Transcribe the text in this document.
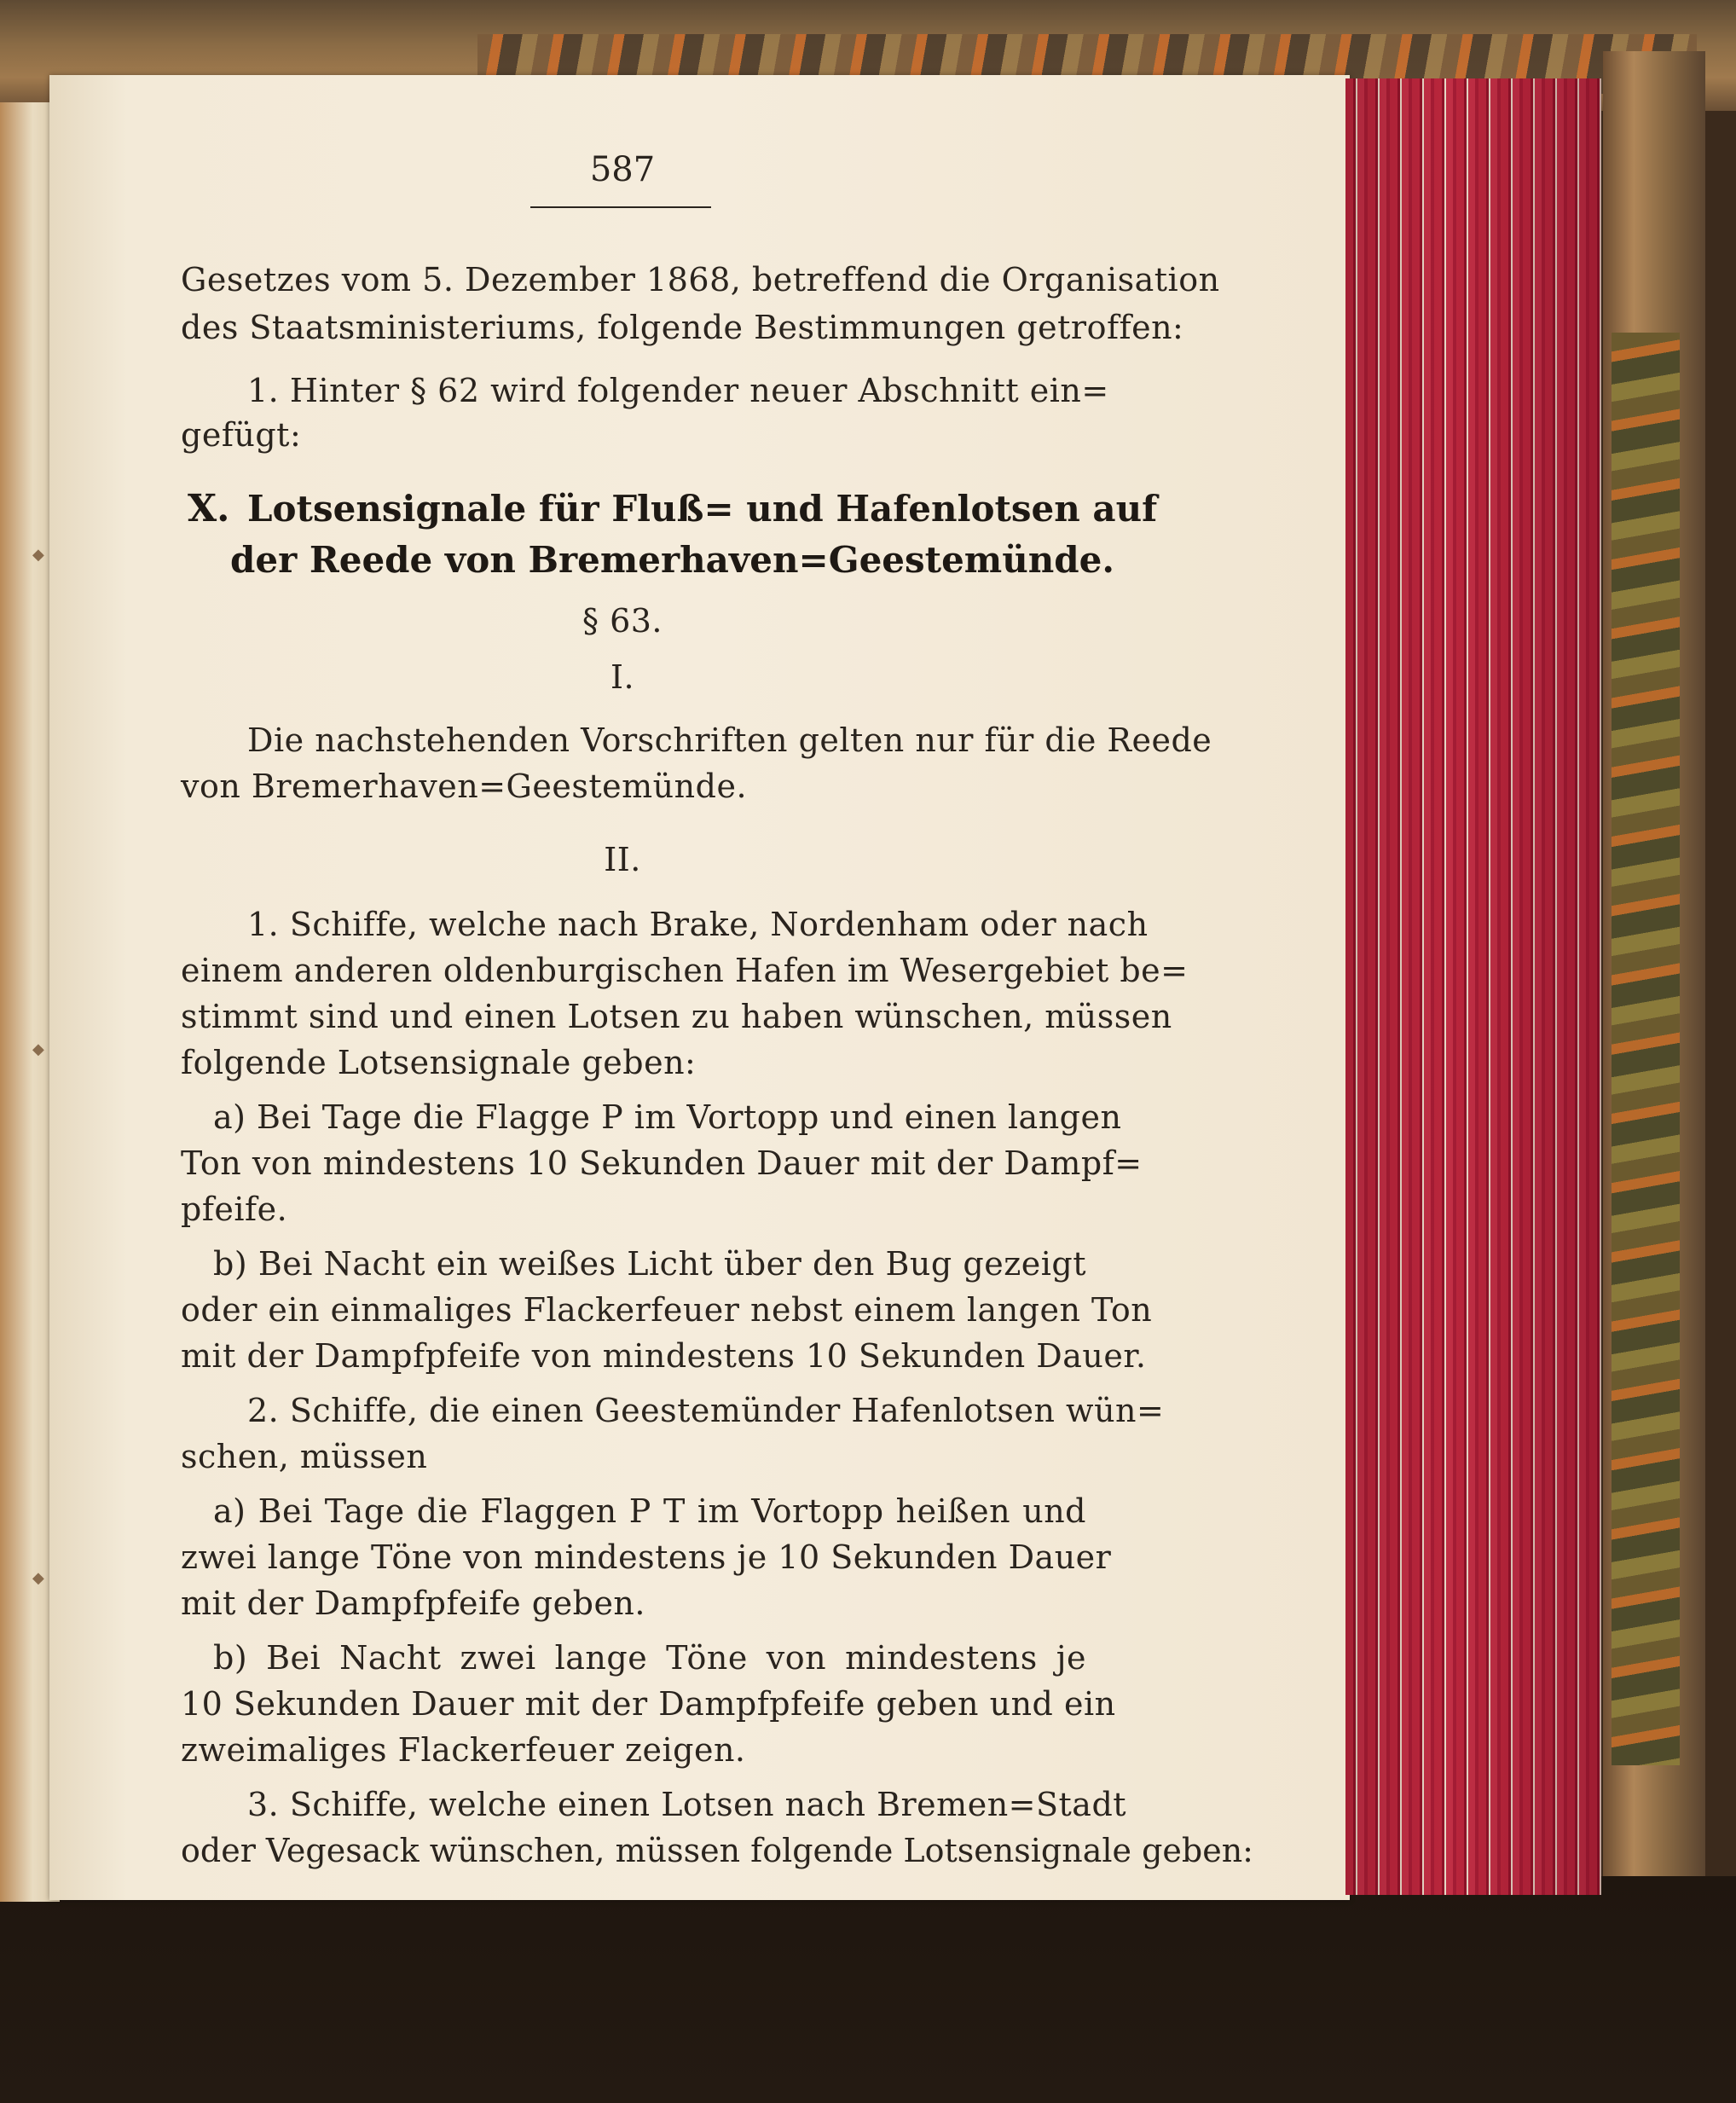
◆
◆
◆
587
Gesetzes vom 5. Dezember 1868, betreffend die Organisation
des Staatsministeriums, folgende Bestimmungen getroffen:
1. Hinter § 62 wird folgender neuer Abschnitt ein=
gefügt:
X. Lotsensignale für Fluß= und Hafenlotsen auf
der Reede von Bremerhaven=Geestemünde.
§ 63.
I.
Die nachstehenden Vorschriften gelten nur für die Reede
von Bremerhaven=Geestemünde.
II.
1. Schiffe, welche nach Brake, Nordenham oder nach
einem anderen oldenburgischen Hafen im Wesergebiet be=
stimmt sind und einen Lotsen zu haben wünschen, müssen
folgende Lotsensignale geben:
a) Bei Tage die Flagge P im Vortopp und einen langen
Ton von mindestens 10 Sekunden Dauer mit der Dampf=
pfeife.
b) Bei Nacht ein weißes Licht über den Bug gezeigt
oder ein einmaliges Flackerfeuer nebst einem langen Ton
mit der Dampfpfeife von mindestens 10 Sekunden Dauer.
2. Schiffe, die einen Geestemünder Hafenlotsen wün=
schen, müssen
a) Bei Tage die Flaggen P T im Vortopp heißen und
zwei lange Töne von mindestens je 10 Sekunden Dauer
mit der Dampfpfeife geben.
b) Bei Nacht zwei lange Töne von mindestens je
10 Sekunden Dauer mit der Dampfpfeife geben und ein
zweimaliges Flackerfeuer zeigen.
3. Schiffe, welche einen Lotsen nach Bremen=Stadt
oder Vegesack wünschen, müssen folgende Lotsensignale geben:
